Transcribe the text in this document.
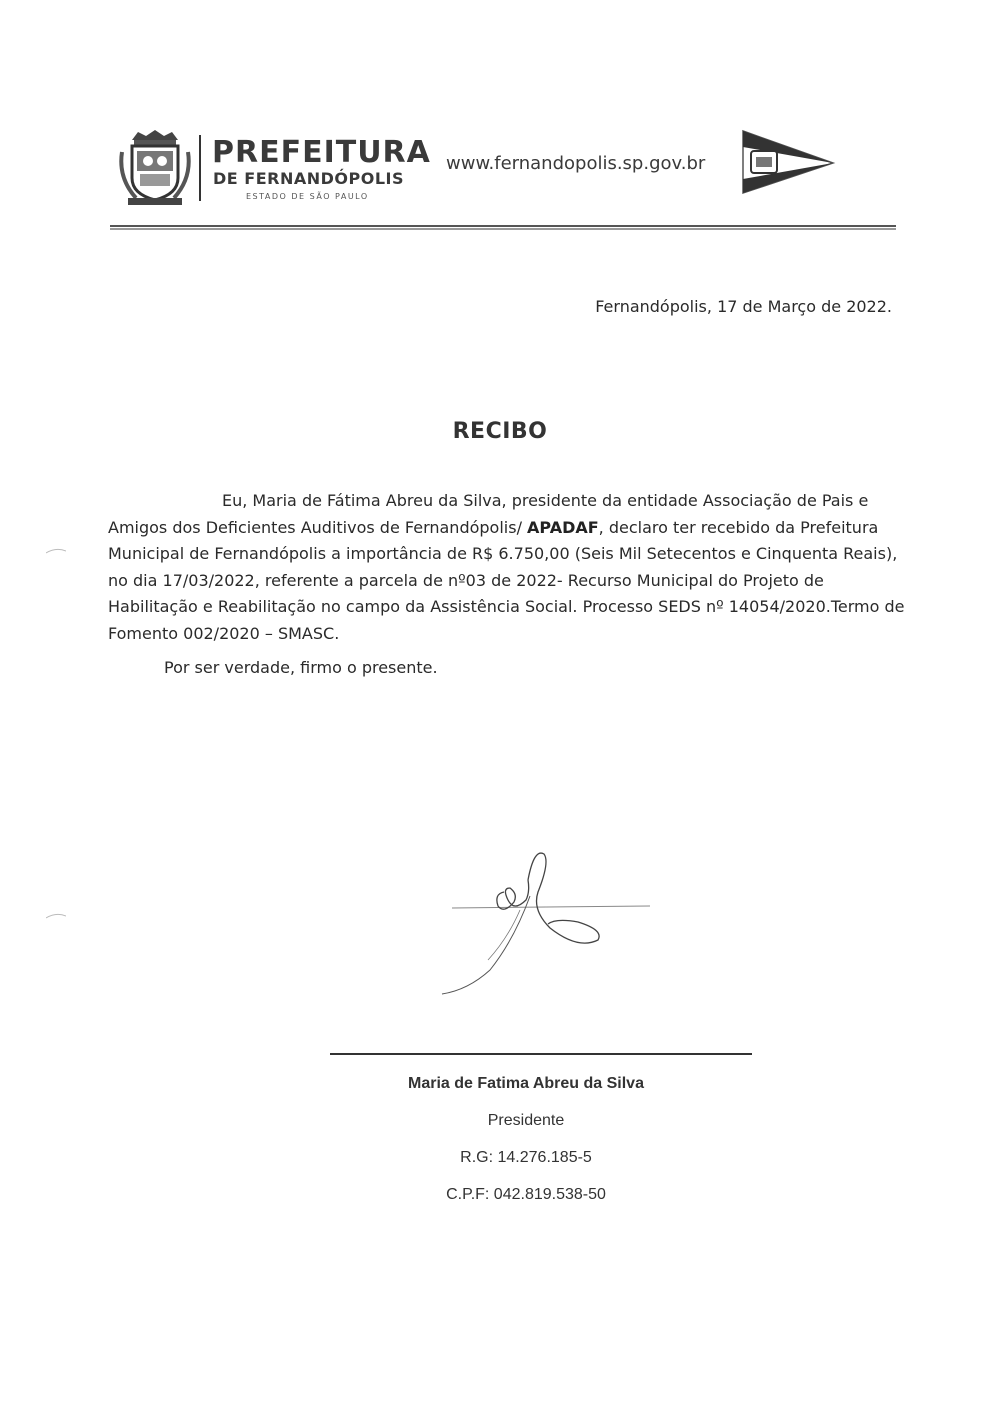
PREFEITURA
DE FERNANDÓPOLIS
ESTADO DE SÃO PAULO
www.fernandopolis.sp.gov.br
Fernandópolis, 17 de Março de 2022.
RECIBO
Eu, Maria de Fátima Abreu da Silva, presidente da entidade Associação de Pais e Amigos dos Deficientes Auditivos de Fernandópolis/ APADAF, declaro ter recebido da Prefeitura Municipal de Fernandópolis a importância de R$ 6.750,00 (Seis Mil Setecentos e Cinquenta Reais), no dia 17/03/2022, referente a parcela de nº03 de 2022- Recurso Municipal do Projeto de Habilitação e Reabilitação no campo da Assistência Social. Processo SEDS nº 14054/2020.Termo de Fomento 002/2020 – SMASC.
Por ser verdade, firmo o presente.
Maria de Fatima Abreu da Silva
Presidente
R.G: 14.276.185-5
C.P.F: 042.819.538-50
